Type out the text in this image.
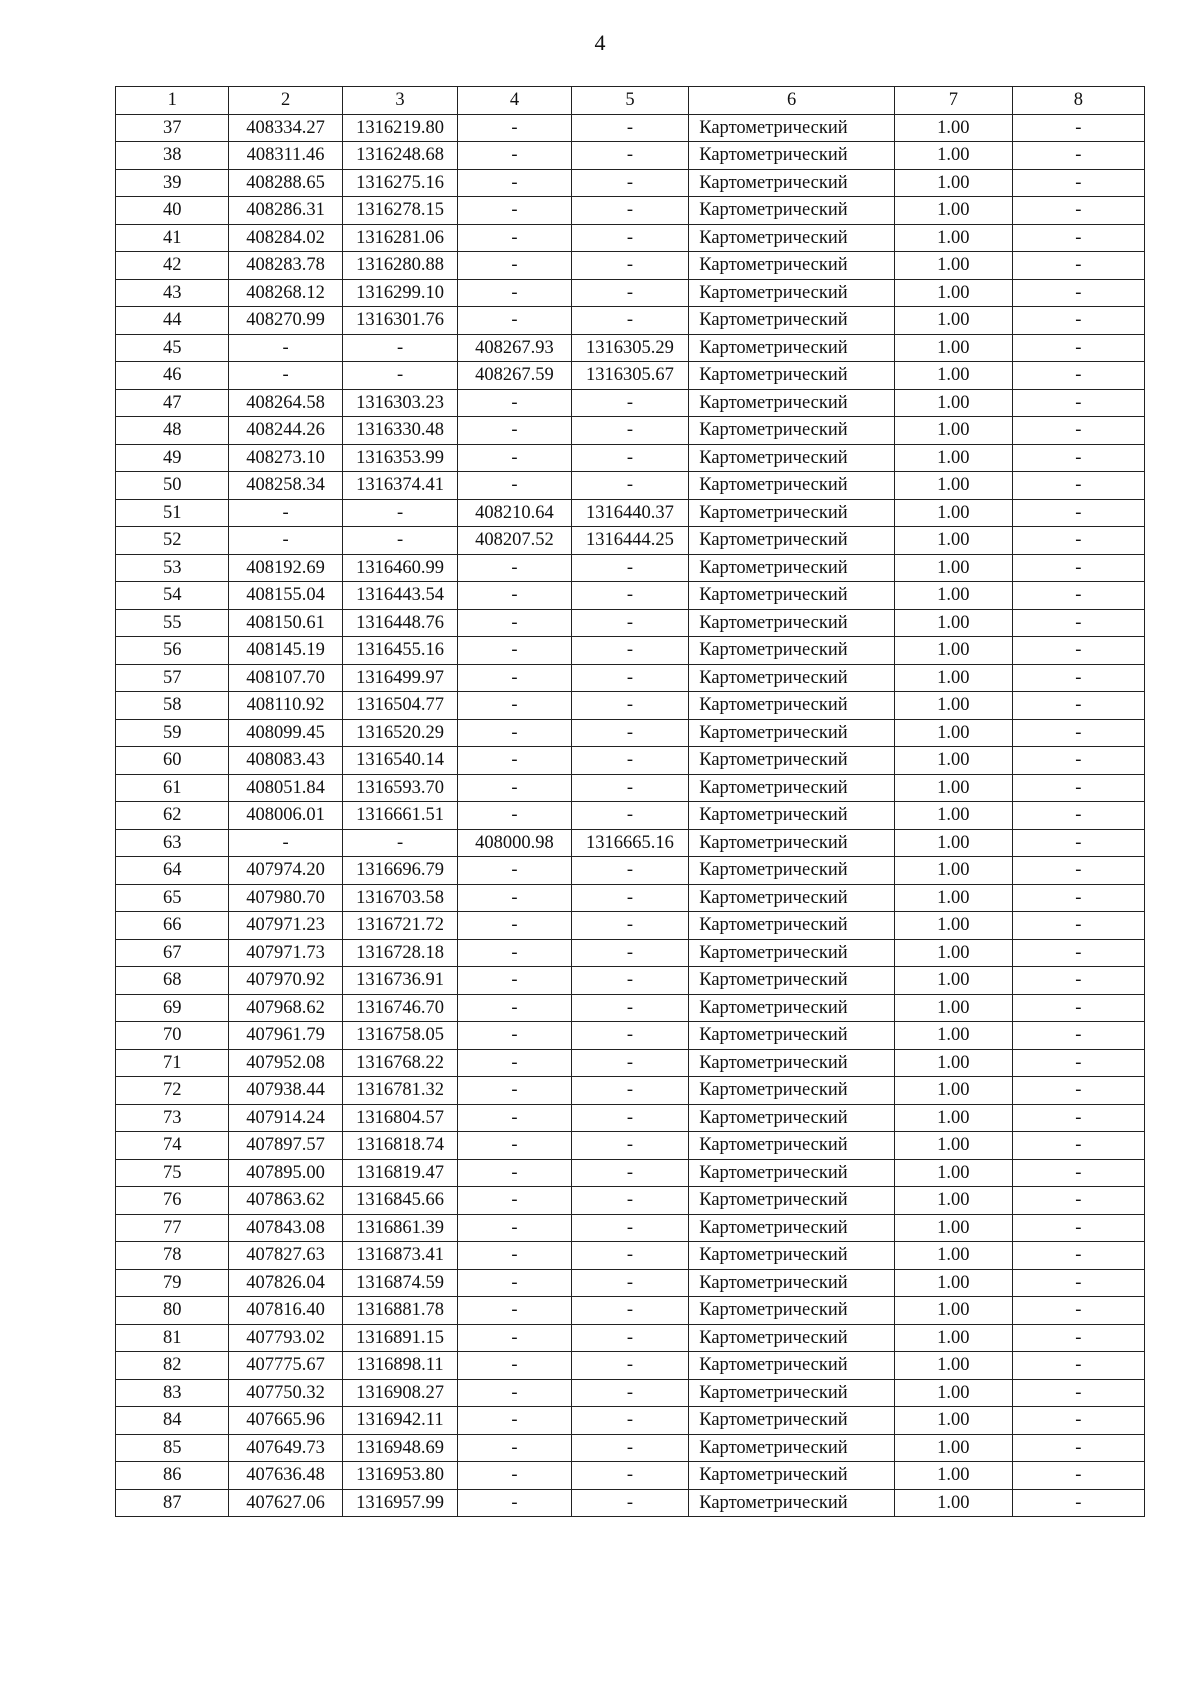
4
1	2	3	4	5	6	7	8
37	408334.27	1316219.80	-	-	Картометрический	1.00	-
38	408311.46	1316248.68	-	-	Картометрический	1.00	-
39	408288.65	1316275.16	-	-	Картометрический	1.00	-
40	408286.31	1316278.15	-	-	Картометрический	1.00	-
41	408284.02	1316281.06	-	-	Картометрический	1.00	-
42	408283.78	1316280.88	-	-	Картометрический	1.00	-
43	408268.12	1316299.10	-	-	Картометрический	1.00	-
44	408270.99	1316301.76	-	-	Картометрический	1.00	-
45	-	-	408267.93	1316305.29	Картометрический	1.00	-
46	-	-	408267.59	1316305.67	Картометрический	1.00	-
47	408264.58	1316303.23	-	-	Картометрический	1.00	-
48	408244.26	1316330.48	-	-	Картометрический	1.00	-
49	408273.10	1316353.99	-	-	Картометрический	1.00	-
50	408258.34	1316374.41	-	-	Картометрический	1.00	-
51	-	-	408210.64	1316440.37	Картометрический	1.00	-
52	-	-	408207.52	1316444.25	Картометрический	1.00	-
53	408192.69	1316460.99	-	-	Картометрический	1.00	-
54	408155.04	1316443.54	-	-	Картометрический	1.00	-
55	408150.61	1316448.76	-	-	Картометрический	1.00	-
56	408145.19	1316455.16	-	-	Картометрический	1.00	-
57	408107.70	1316499.97	-	-	Картометрический	1.00	-
58	408110.92	1316504.77	-	-	Картометрический	1.00	-
59	408099.45	1316520.29	-	-	Картометрический	1.00	-
60	408083.43	1316540.14	-	-	Картометрический	1.00	-
61	408051.84	1316593.70	-	-	Картометрический	1.00	-
62	408006.01	1316661.51	-	-	Картометрический	1.00	-
63	-	-	408000.98	1316665.16	Картометрический	1.00	-
64	407974.20	1316696.79	-	-	Картометрический	1.00	-
65	407980.70	1316703.58	-	-	Картометрический	1.00	-
66	407971.23	1316721.72	-	-	Картометрический	1.00	-
67	407971.73	1316728.18	-	-	Картометрический	1.00	-
68	407970.92	1316736.91	-	-	Картометрический	1.00	-
69	407968.62	1316746.70	-	-	Картометрический	1.00	-
70	407961.79	1316758.05	-	-	Картометрический	1.00	-
71	407952.08	1316768.22	-	-	Картометрический	1.00	-
72	407938.44	1316781.32	-	-	Картометрический	1.00	-
73	407914.24	1316804.57	-	-	Картометрический	1.00	-
74	407897.57	1316818.74	-	-	Картометрический	1.00	-
75	407895.00	1316819.47	-	-	Картометрический	1.00	-
76	407863.62	1316845.66	-	-	Картометрический	1.00	-
77	407843.08	1316861.39	-	-	Картометрический	1.00	-
78	407827.63	1316873.41	-	-	Картометрический	1.00	-
79	407826.04	1316874.59	-	-	Картометрический	1.00	-
80	407816.40	1316881.78	-	-	Картометрический	1.00	-
81	407793.02	1316891.15	-	-	Картометрический	1.00	-
82	407775.67	1316898.11	-	-	Картометрический	1.00	-
83	407750.32	1316908.27	-	-	Картометрический	1.00	-
84	407665.96	1316942.11	-	-	Картометрический	1.00	-
85	407649.73	1316948.69	-	-	Картометрический	1.00	-
86	407636.48	1316953.80	-	-	Картометрический	1.00	-
87	407627.06	1316957.99	-	-	Картометрический	1.00	-
